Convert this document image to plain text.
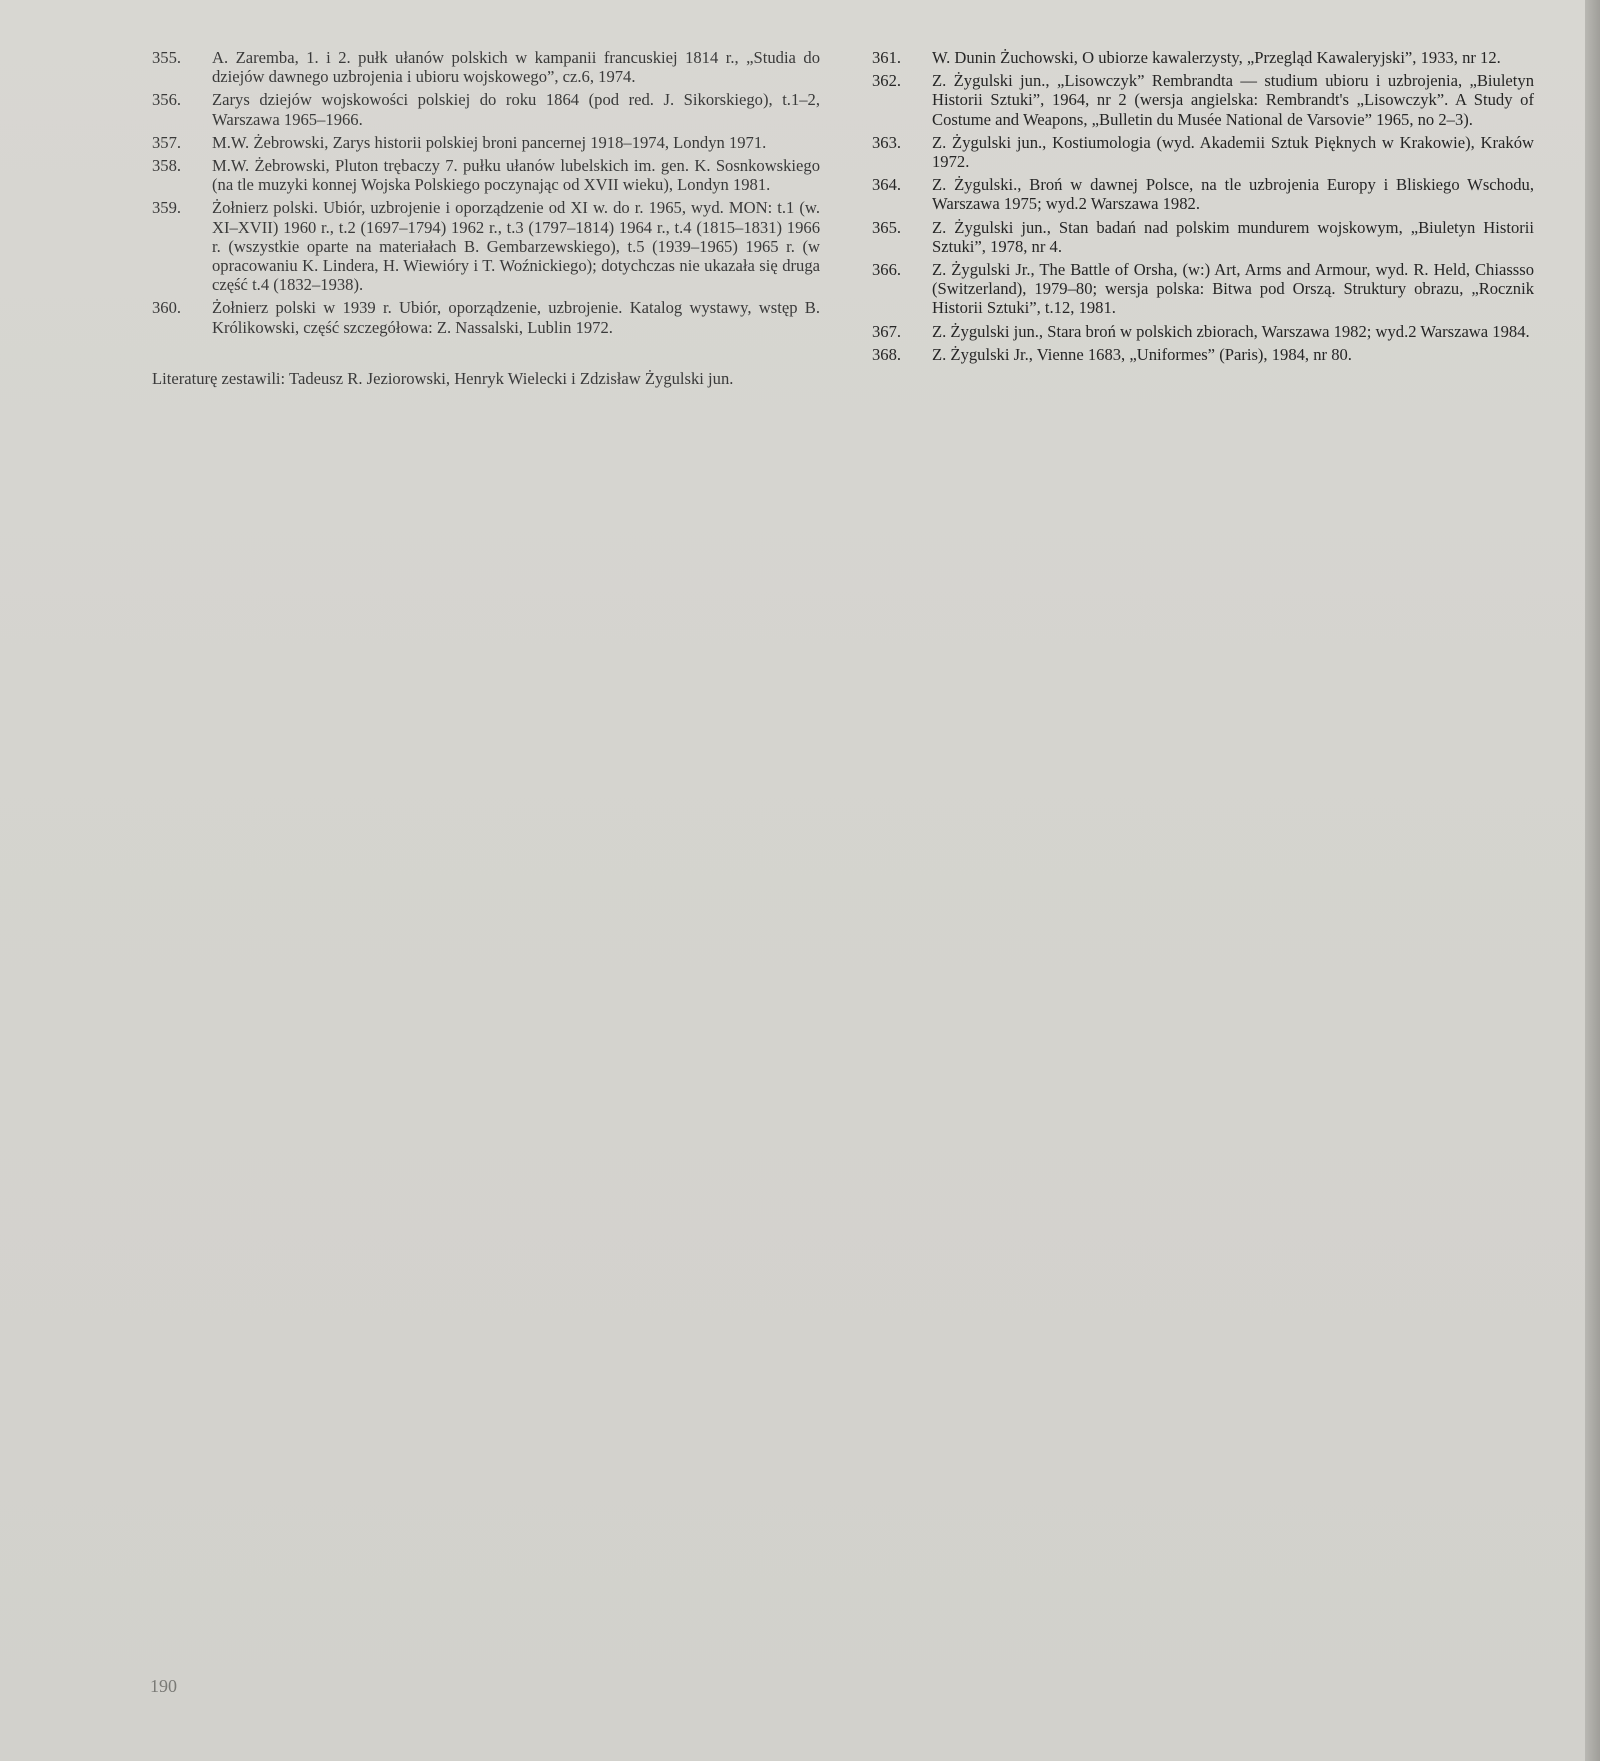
355.	A. Zaremba, 1. i 2. pułk ułanów polskich w kampanii francuskiej 1814 r., „Studia do dziejów dawnego uzbrojenia i ubioru wojskowego”, cz.6, 1974.
356.	Zarys dziejów wojskowości polskiej do roku 1864 (pod red. J. Sikorskiego), t.1–2, Warszawa 1965–1966.
357.	M.W. Żebrowski, Zarys historii polskiej broni pancernej 1918–1974, Londyn 1971.
358.	M.W. Żebrowski, Pluton trębaczy 7. pułku ułanów lubelskich im. gen. K. Sosnkowskiego (na tle muzyki konnej Wojska Polskiego poczynając od XVII wieku), Londyn 1981.
359.	Żołnierz polski. Ubiór, uzbrojenie i oporządzenie od XI w. do r. 1965, wyd. MON: t.1 (w. XI–XVII) 1960 r., t.2 (1697–1794) 1962 r., t.3 (1797–1814) 1964 r., t.4 (1815–1831) 1966 r. (wszystkie oparte na materiałach B. Gembarzewskiego), t.5 (1939–1965) 1965 r. (w opracowaniu K. Lindera, H. Wiewióry i T. Woźnickiego); dotychczas nie ukazała się druga część t.4 (1832–1938).
360.	Żołnierz polski w 1939 r. Ubiór, oporządzenie, uzbrojenie. Katalog wystawy, wstęp B. Królikowski, część szczegółowa: Z. Nassalski, Lublin 1972.
Literaturę zestawili: Tadeusz R. Jeziorowski, Henryk Wielecki i Zdzisław Żygulski jun.
361.	W. Dunin Żuchowski, O ubiorze kawalerzysty, „Przegląd Kawaleryjski”, 1933, nr 12.
362.	Z. Żygulski jun., „Lisowczyk” Rembrandta — studium ubioru i uzbrojenia, „Biuletyn Historii Sztuki”, 1964, nr 2 (wersja angielska: Rembrandt's „Lisowczyk”. A Study of Costume and Weapons, „Bulletin du Musée National de Varsovie” 1965, no 2–3).
363.	Z. Żygulski jun., Kostiumologia (wyd. Akademii Sztuk Pięknych w Krakowie), Kraków 1972.
364.	Z. Żygulski., Broń w dawnej Polsce, na tle uzbrojenia Europy i Bliskiego Wschodu, Warszawa 1975; wyd.2 Warszawa 1982.
365.	Z. Żygulski jun., Stan badań nad polskim mundurem wojskowym, „Biuletyn Historii Sztuki”, 1978, nr 4.
366.	Z. Żygulski Jr., The Battle of Orsha, (w:) Art, Arms and Armour, wyd. R. Held, Chiassso (Switzerland), 1979–80; wersja polska: Bitwa pod Orszą. Struktury obrazu, „Rocznik Historii Sztuki”, t.12, 1981.
367.	Z. Żygulski jun., Stara broń w polskich zbiorach, Warszawa 1982; wyd.2 Warszawa 1984.
368.	Z. Żygulski Jr., Vienne 1683, „Uniformes” (Paris), 1984, nr 80.
190
